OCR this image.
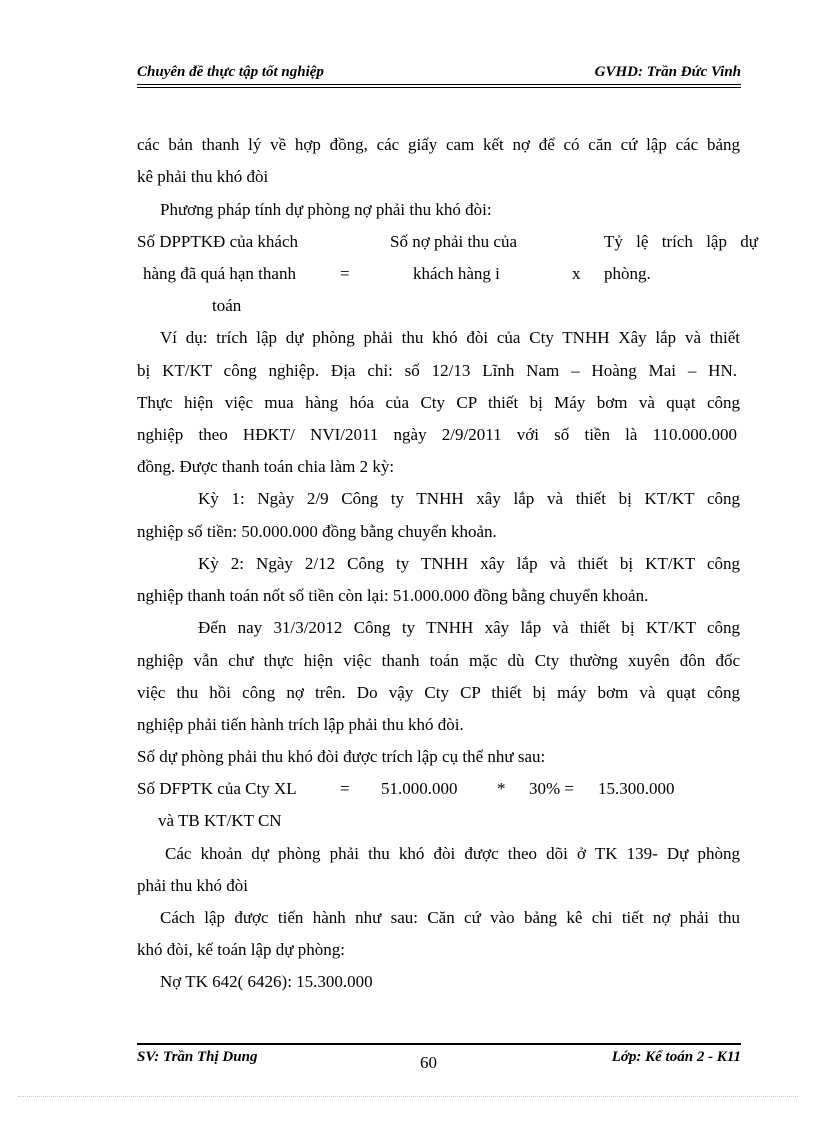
Chuyên đề thực tập tốt nghiệp	GVHD: Trần Đức Vinh
các bản thanh lý về hợp đồng, các giấy cam kết nợ để có căn cứ lập các bảng
kê phải thu khó đòi
Phương pháp tính dự phòng nợ phải thu khó đòi:
Số DPPTKĐ của khách
hàng đã quá hạn thanh
toán
=
Số nợ phải thu của
khách hàng i	x
Tỷ lệ trích lập dự
phòng.
Ví dụ: trích lập dự phòng phải thu khó đòi của Cty TNHH Xây lắp và thiết
bị KT/KT công nghiệp. Địa chỉ: số 12/13 Lĩnh Nam – Hoàng Mai – HN.
Thực hiện việc mua hàng hóa của Cty CP thiết bị Máy bơm và quạt công
nghiệp theo HĐKT/ NVI/2011 ngày 2/9/2011 với số tiền là 110.000.000
đồng. Được thanh toán chia làm 2 kỳ:
Kỳ 1: Ngày 2/9 Công ty TNHH xây lắp và thiết bị KT/KT công
nghiệp số tiền: 50.000.000 đồng bằng chuyển khoản.
Kỳ 2: Ngày 2/12 Công ty TNHH xây lắp và thiết bị KT/KT công
nghiệp thanh toán nốt số tiền còn lại: 51.000.000 đồng bằng chuyển khoản.
Đến nay 31/3/2012 Công ty TNHH xây lắp và thiết bị KT/KT công
nghiệp vẫn chư thực hiện việc thanh toán mặc dù Cty thường xuyên đôn đốc
việc thu hồi công nợ trên. Do vậy Cty CP thiết bị máy bơm và quạt công
nghiệp phải tiến hành trích lập phải thu khó đòi.
Số dự phòng phải thu khó đòi được trích lập cụ thể như sau:
Số DFPTK của Cty XL	= 51.000.000 * 30% = 15.300.000
và TB KT/KT CN
Các khoản dự phòng phải thu khó đòi được theo dõi ở TK 139- Dự phòng
phải thu khó đòi
Cách lập được tiến hành như sau: Căn cứ vào bảng kê chi tiết nợ phải thu
khó đòi, kế toán lập dự phòng:
Nợ TK 642( 6426): 15.300.000
SV: Trần Thị Dung	60	Lớp: Kế toán 2 - K11
